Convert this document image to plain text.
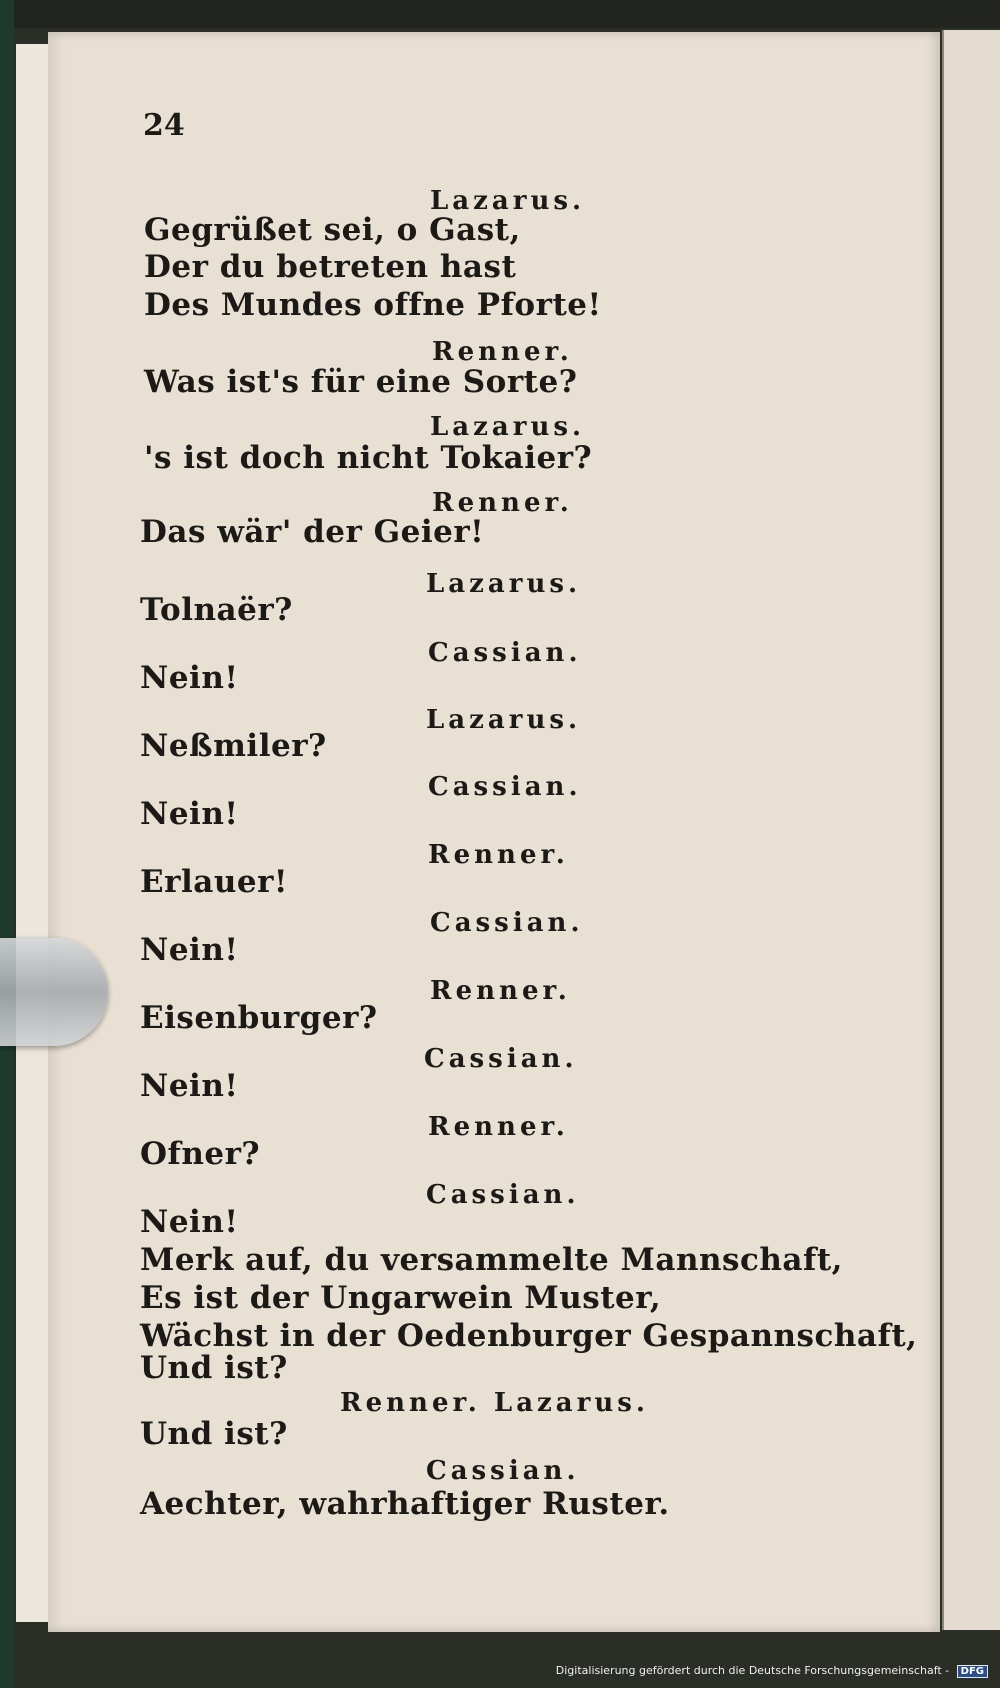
24
Lazarus.
Gegrüßet sei, o Gast,
Der du betreten hast
Des Mundes offne Pforte!
Renner.
Was ist's für eine Sorte?
Lazarus.
's ist doch nicht Tokaier?
Renner.
Das wär' der Geier!
Lazarus.
Tolnaër?
Cassian.
Nein!
Lazarus.
Neßmiler?
Cassian.
Nein!
Renner.
Erlauer!
Cassian.
Nein!
Renner.
Eisenburger?
Cassian.
Nein!
Renner.
Ofner?
Cassian.
Nein!
Merk auf, du versammelte Mannschaft,
Es ist der Ungarwein Muster,
Wächst in der Oedenburger Gespannschaft,
Und ist?
Renner. Lazarus.
Und ist?
Cassian.
Aechter, wahrhaftiger Ruster.
Digitalisierung gefördert durch die Deutsche Forschungsgemeinschaft - DFG
